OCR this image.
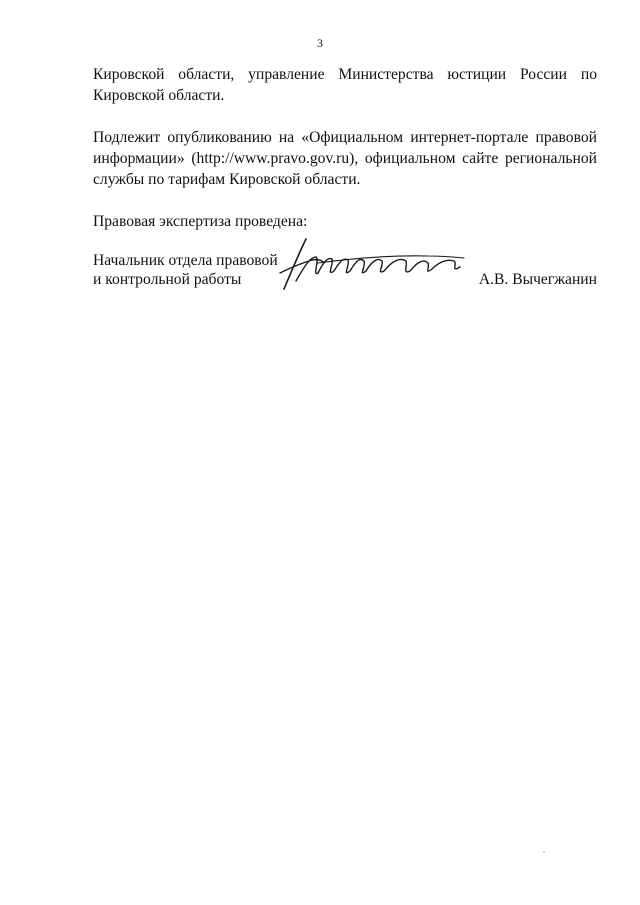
3

Кировской области, управление Министерства юстиции России по Кировской области.

Подлежит опубликованию на «Официальном интернет-портале правовой информации» (http://www.pravo.gov.ru), официальном сайте региональной службы по тарифам Кировской области.

Правовая экспертиза проведена:

Начальник отдела правовой
и контрольной работы	А.В. Вычегжанин
